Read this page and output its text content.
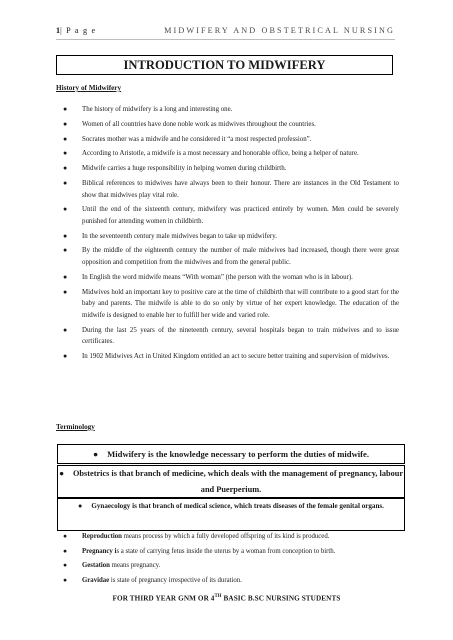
1| P a g e	MIDWIFERY AND OBSTETRICAL NURSING
INTRODUCTION TO MIDWIFERY
History of Midwifery
● The history of midwifery is a long and interesting one.
● Women of all countries have done noble work as midwives throughout the countries.
● Socrates mother was a midwife and he considered it “a most respected profession”.
● According to Aristotle, a midwife is a most necessary and honorable office, being a helper of nature.
● Midwife carries a huge responsibility in helping women during childbirth.
● Biblical references to midwives have always been to their honour. There are instances in the Old Testament to show that midwives play vital role.
● Until the end of the sixteenth century, midwifery was practiced entirely by women. Men could be severely punished for attending women in childbirth.
● In the seventeenth century male midwives began to take up midwifery.
● By the middle of the eighteenth century the number of male midwives had increased, though there were great opposition and competition from the midwives and from the general public.
● In English the word midwife means “With woman” (the person with the woman who is in labour).
● Midwives hold an important key to positive care at the time of childbirth that will contribute to a good start for the baby and parents. The midwife is able to do so only by virtue of her expert knowledge. The education of the midwife is designed to enable her to fulfill her wide and varied role.
● During the last 25 years of the nineteenth century, several hospitals began to train midwives and to issue certificates.
● In 1902 Midwives Act in United Kingdom entitled an act to secure better training and supervision of midwives.
Terminology
● Midwifery is the knowledge necessary to perform the duties of midwife.
● Obstetrics is that branch of medicine, which deals with the management of pregnancy, labour and Puerperium.
● Gynaecology is that branch of medical science, which treats diseases of the female genital organs.
● Reproduction means process by which a fully developed offspring of its kind is produced.
● Pregnancy is a state of carrying fetus inside the uterus by a woman from conception to birth.
● Gestation means pregnancy.
● Gravidae is state of pregnancy irrespective of its duration.
FOR THIRD YEAR GNM OR 4TH BASIC B.SC NURSING STUDENTS
